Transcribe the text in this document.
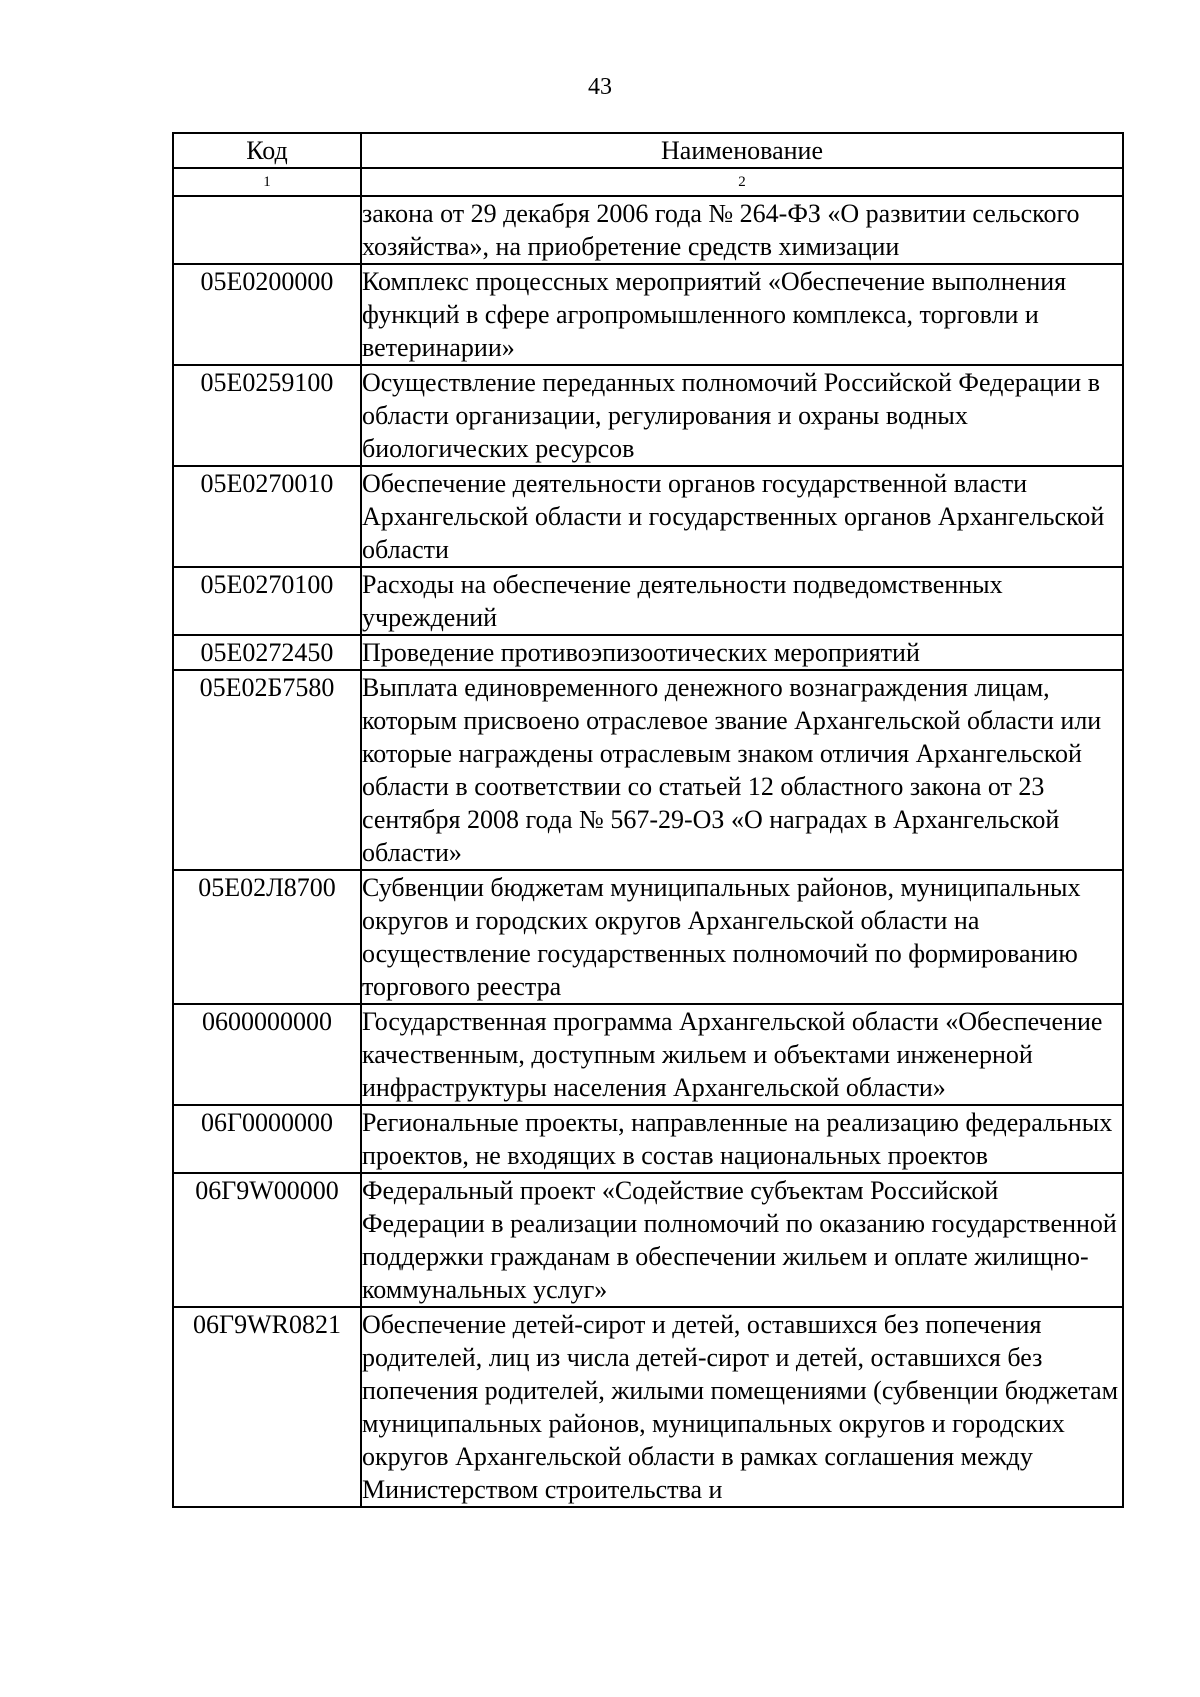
43
Код	Наименование
1	2
	закона от 29 декабря 2006 года № 264-ФЗ «О развитии сельского хозяйства», на приобретение средств химизации
05Е0200000	Комплекс процессных мероприятий «Обеспечение выполнения функций в сфере агропромышленного комплекса, торговли и ветеринарии»
05Е0259100	Осуществление переданных полномочий Российской Федерации в области организации, регулирования и охраны водных биологических ресурсов
05Е0270010	Обеспечение деятельности органов государственной власти Архангельской области и государственных органов Архангельской области
05Е0270100	Расходы на обеспечение деятельности подведомственных учреждений
05Е0272450	Проведение противоэпизоотических мероприятий
05Е02Б7580	Выплата единовременного денежного вознаграждения лицам, которым присвоено отраслевое звание Архангельской области или которые награждены отраслевым знаком отличия Архангельской области в соответствии со статьей 12 областного закона от 23 сентября 2008 года № 567-29-ОЗ «О наградах в Архангельской области»
05Е02Л8700	Субвенции бюджетам муниципальных районов, муниципальных округов и городских округов Архангельской области на осуществление государственных полномочий по формированию торгового реестра
0600000000	Государственная программа Архангельской области «Обеспечение качественным, доступным жильем и объектами инженерной инфраструктуры населения Архангельской области»
06Г0000000	Региональные проекты, направленные на реализацию федеральных проектов, не входящих в состав национальных проектов
06Г9W00000	Федеральный проект «Содействие субъектам Российской Федерации в реализации полномочий по оказанию государственной поддержки гражданам в обеспечении жильем и оплате жилищно-коммунальных услуг»
06Г9WR0821	Обеспечение детей-сирот и детей, оставшихся без попечения родителей, лиц из числа детей-сирот и детей, оставшихся без попечения родителей, жилыми помещениями (субвенции бюджетам муниципальных районов, муниципальных округов и городских округов Архангельской области в рамках соглашения между Министерством строительства и
